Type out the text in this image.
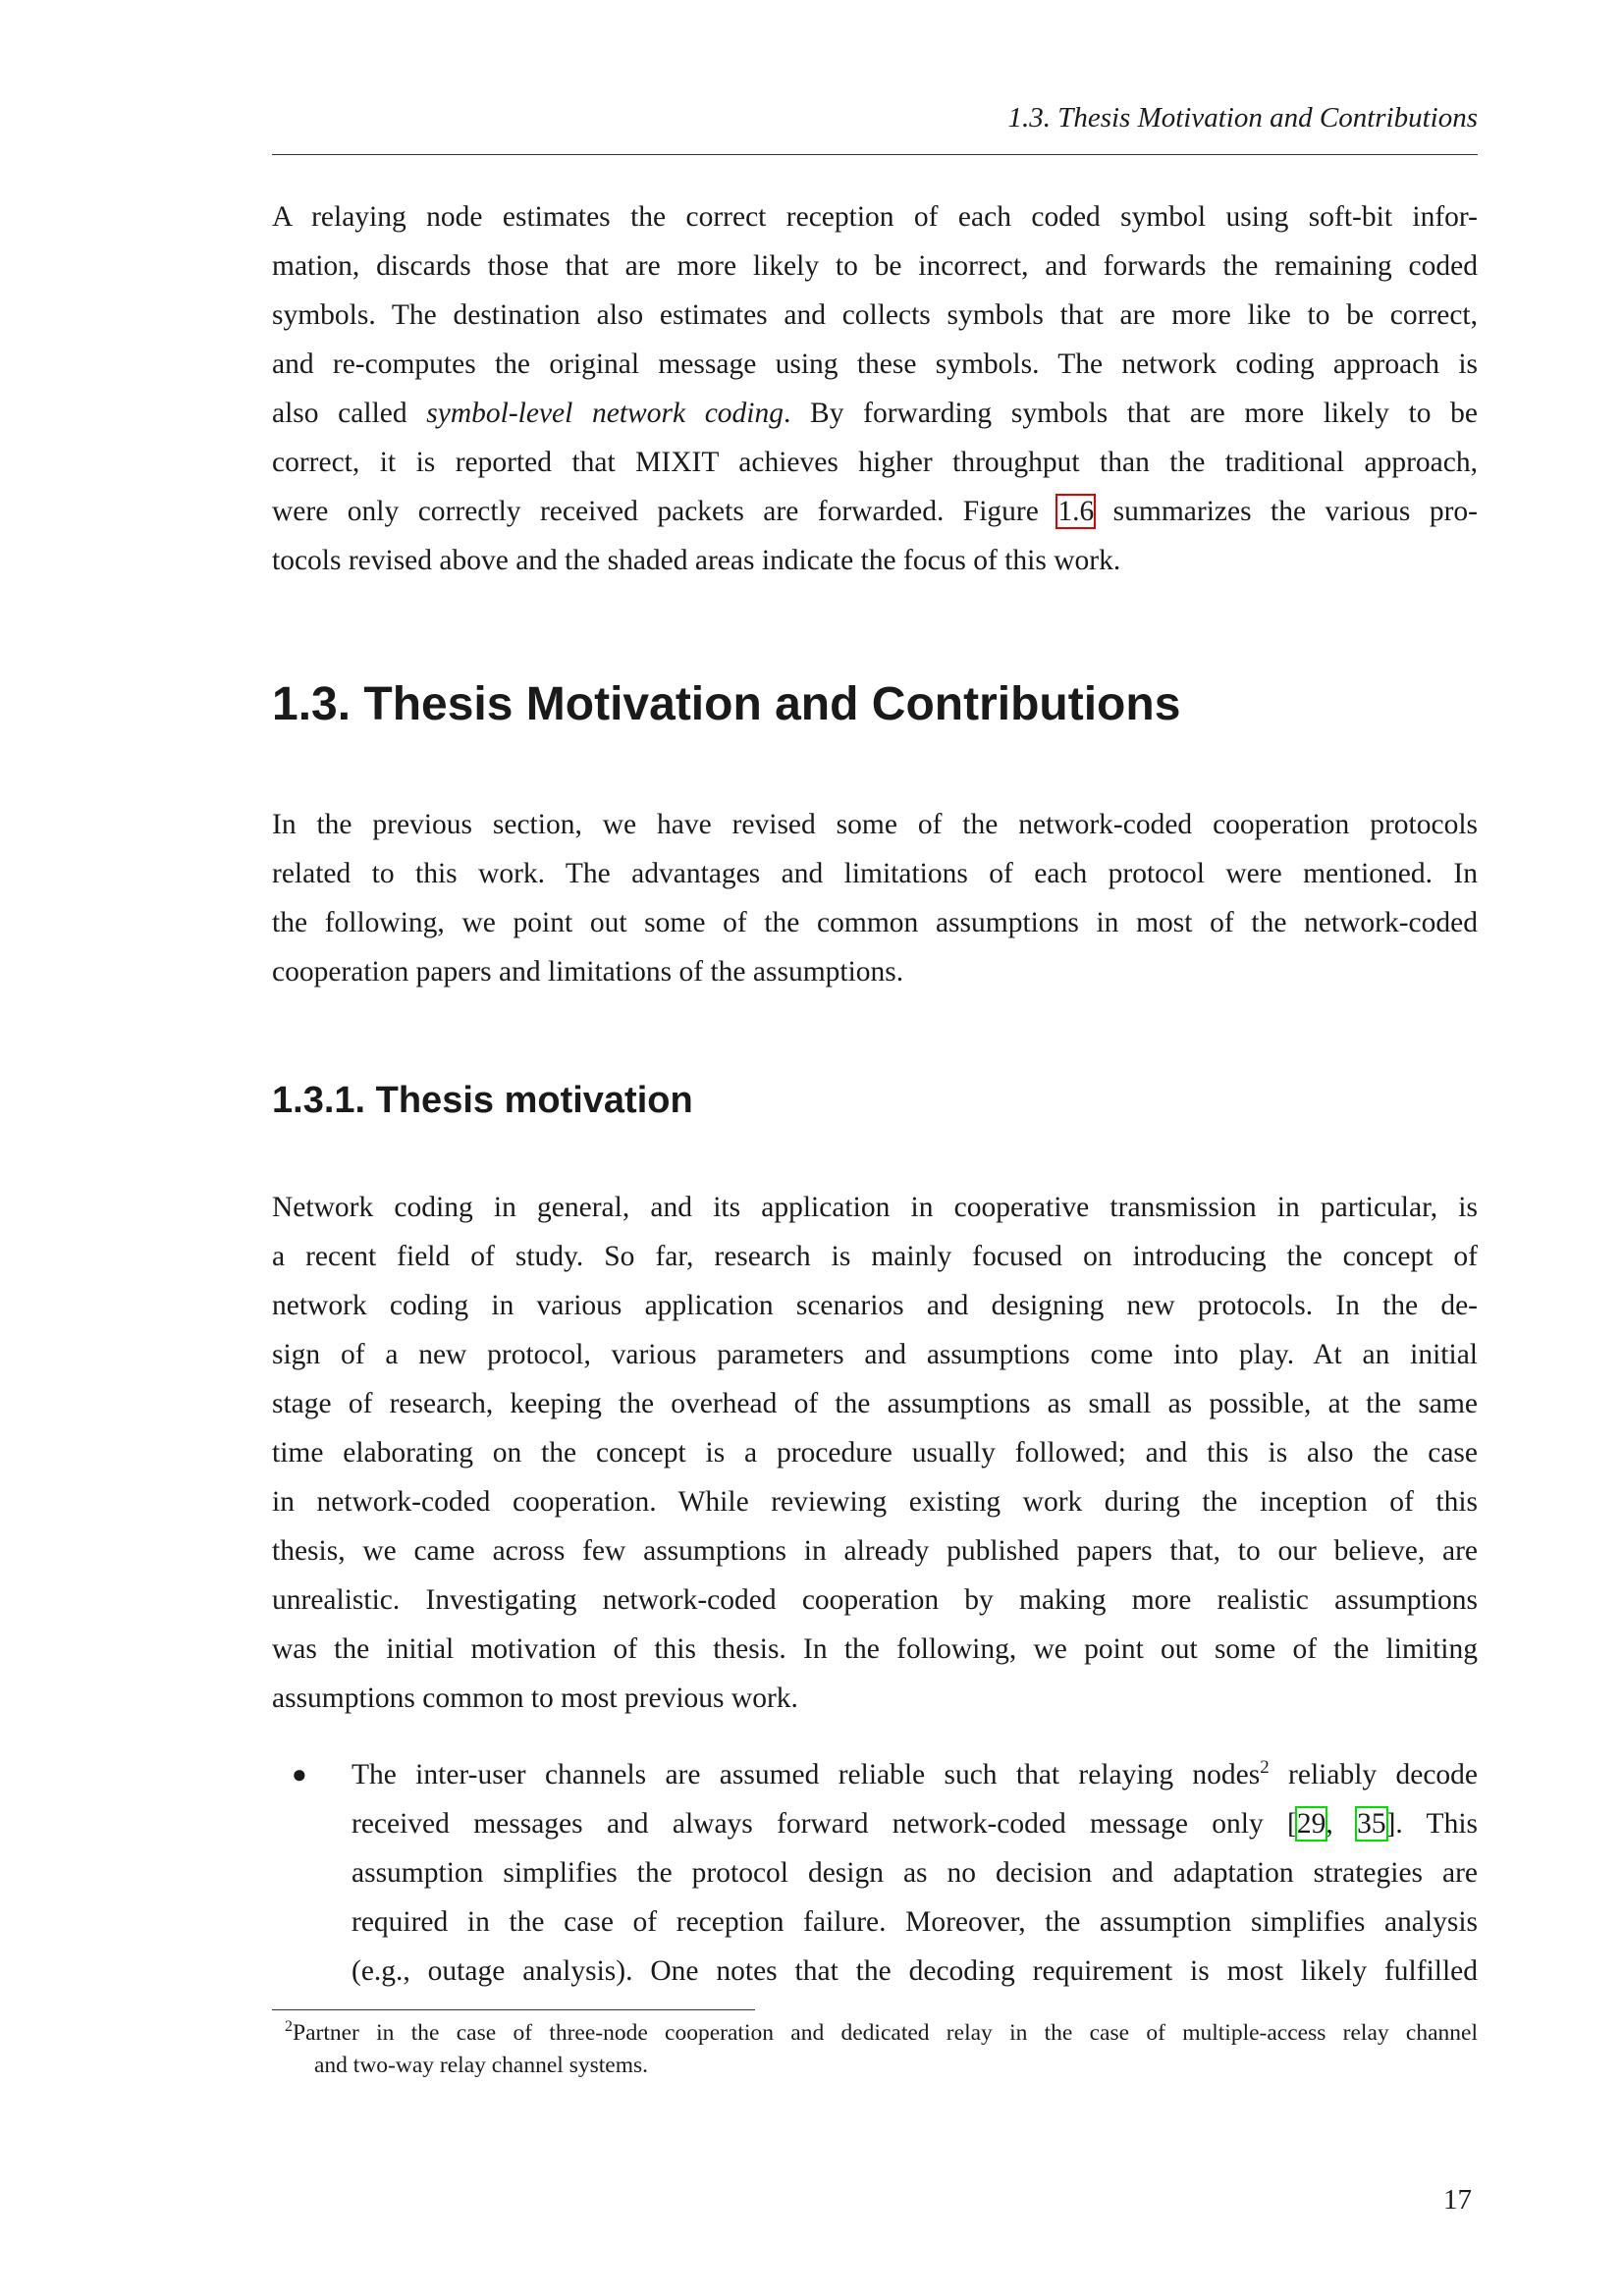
1.3. Thesis Motivation and Contributions
A relaying node estimates the correct reception of each coded symbol using soft-bit infor-
mation, discards those that are more likely to be incorrect, and forwards the remaining coded
symbols. The destination also estimates and collects symbols that are more like to be correct,
and re-computes the original message using these symbols. The network coding approach is
also called symbol-level network coding. By forwarding symbols that are more likely to be
correct, it is reported that MIXIT achieves higher throughput than the traditional approach,
were only correctly received packets are forwarded. Figure 1.6 summarizes the various pro-
tocols revised above and the shaded areas indicate the focus of this work.
1.3. Thesis Motivation and Contributions
In the previous section, we have revised some of the network-coded cooperation protocols
related to this work. The advantages and limitations of each protocol were mentioned. In
the following, we point out some of the common assumptions in most of the network-coded
cooperation papers and limitations of the assumptions.
1.3.1. Thesis motivation
Network coding in general, and its application in cooperative transmission in particular, is
a recent field of study. So far, research is mainly focused on introducing the concept of
network coding in various application scenarios and designing new protocols. In the de-
sign of a new protocol, various parameters and assumptions come into play. At an initial
stage of research, keeping the overhead of the assumptions as small as possible, at the same
time elaborating on the concept is a procedure usually followed; and this is also the case
in network-coded cooperation. While reviewing existing work during the inception of this
thesis, we came across few assumptions in already published papers that, to our believe, are
unrealistic. Investigating network-coded cooperation by making more realistic assumptions
was the initial motivation of this thesis. In the following, we point out some of the limiting
assumptions common to most previous work.
● The inter-user channels are assumed reliable such that relaying nodes$^2$ reliably decode
received messages and always forward network-coded message only [29, 35]. This
assumption simplifies the protocol design as no decision and adaptation strategies are
required in the case of reception failure. Moreover, the assumption simplifies analysis
(e.g., outage analysis). One notes that the decoding requirement is most likely fulfilled
$^2$Partner in the case of three-node cooperation and dedicated relay in the case of multiple-access relay channel
and two-way relay channel systems.
17
